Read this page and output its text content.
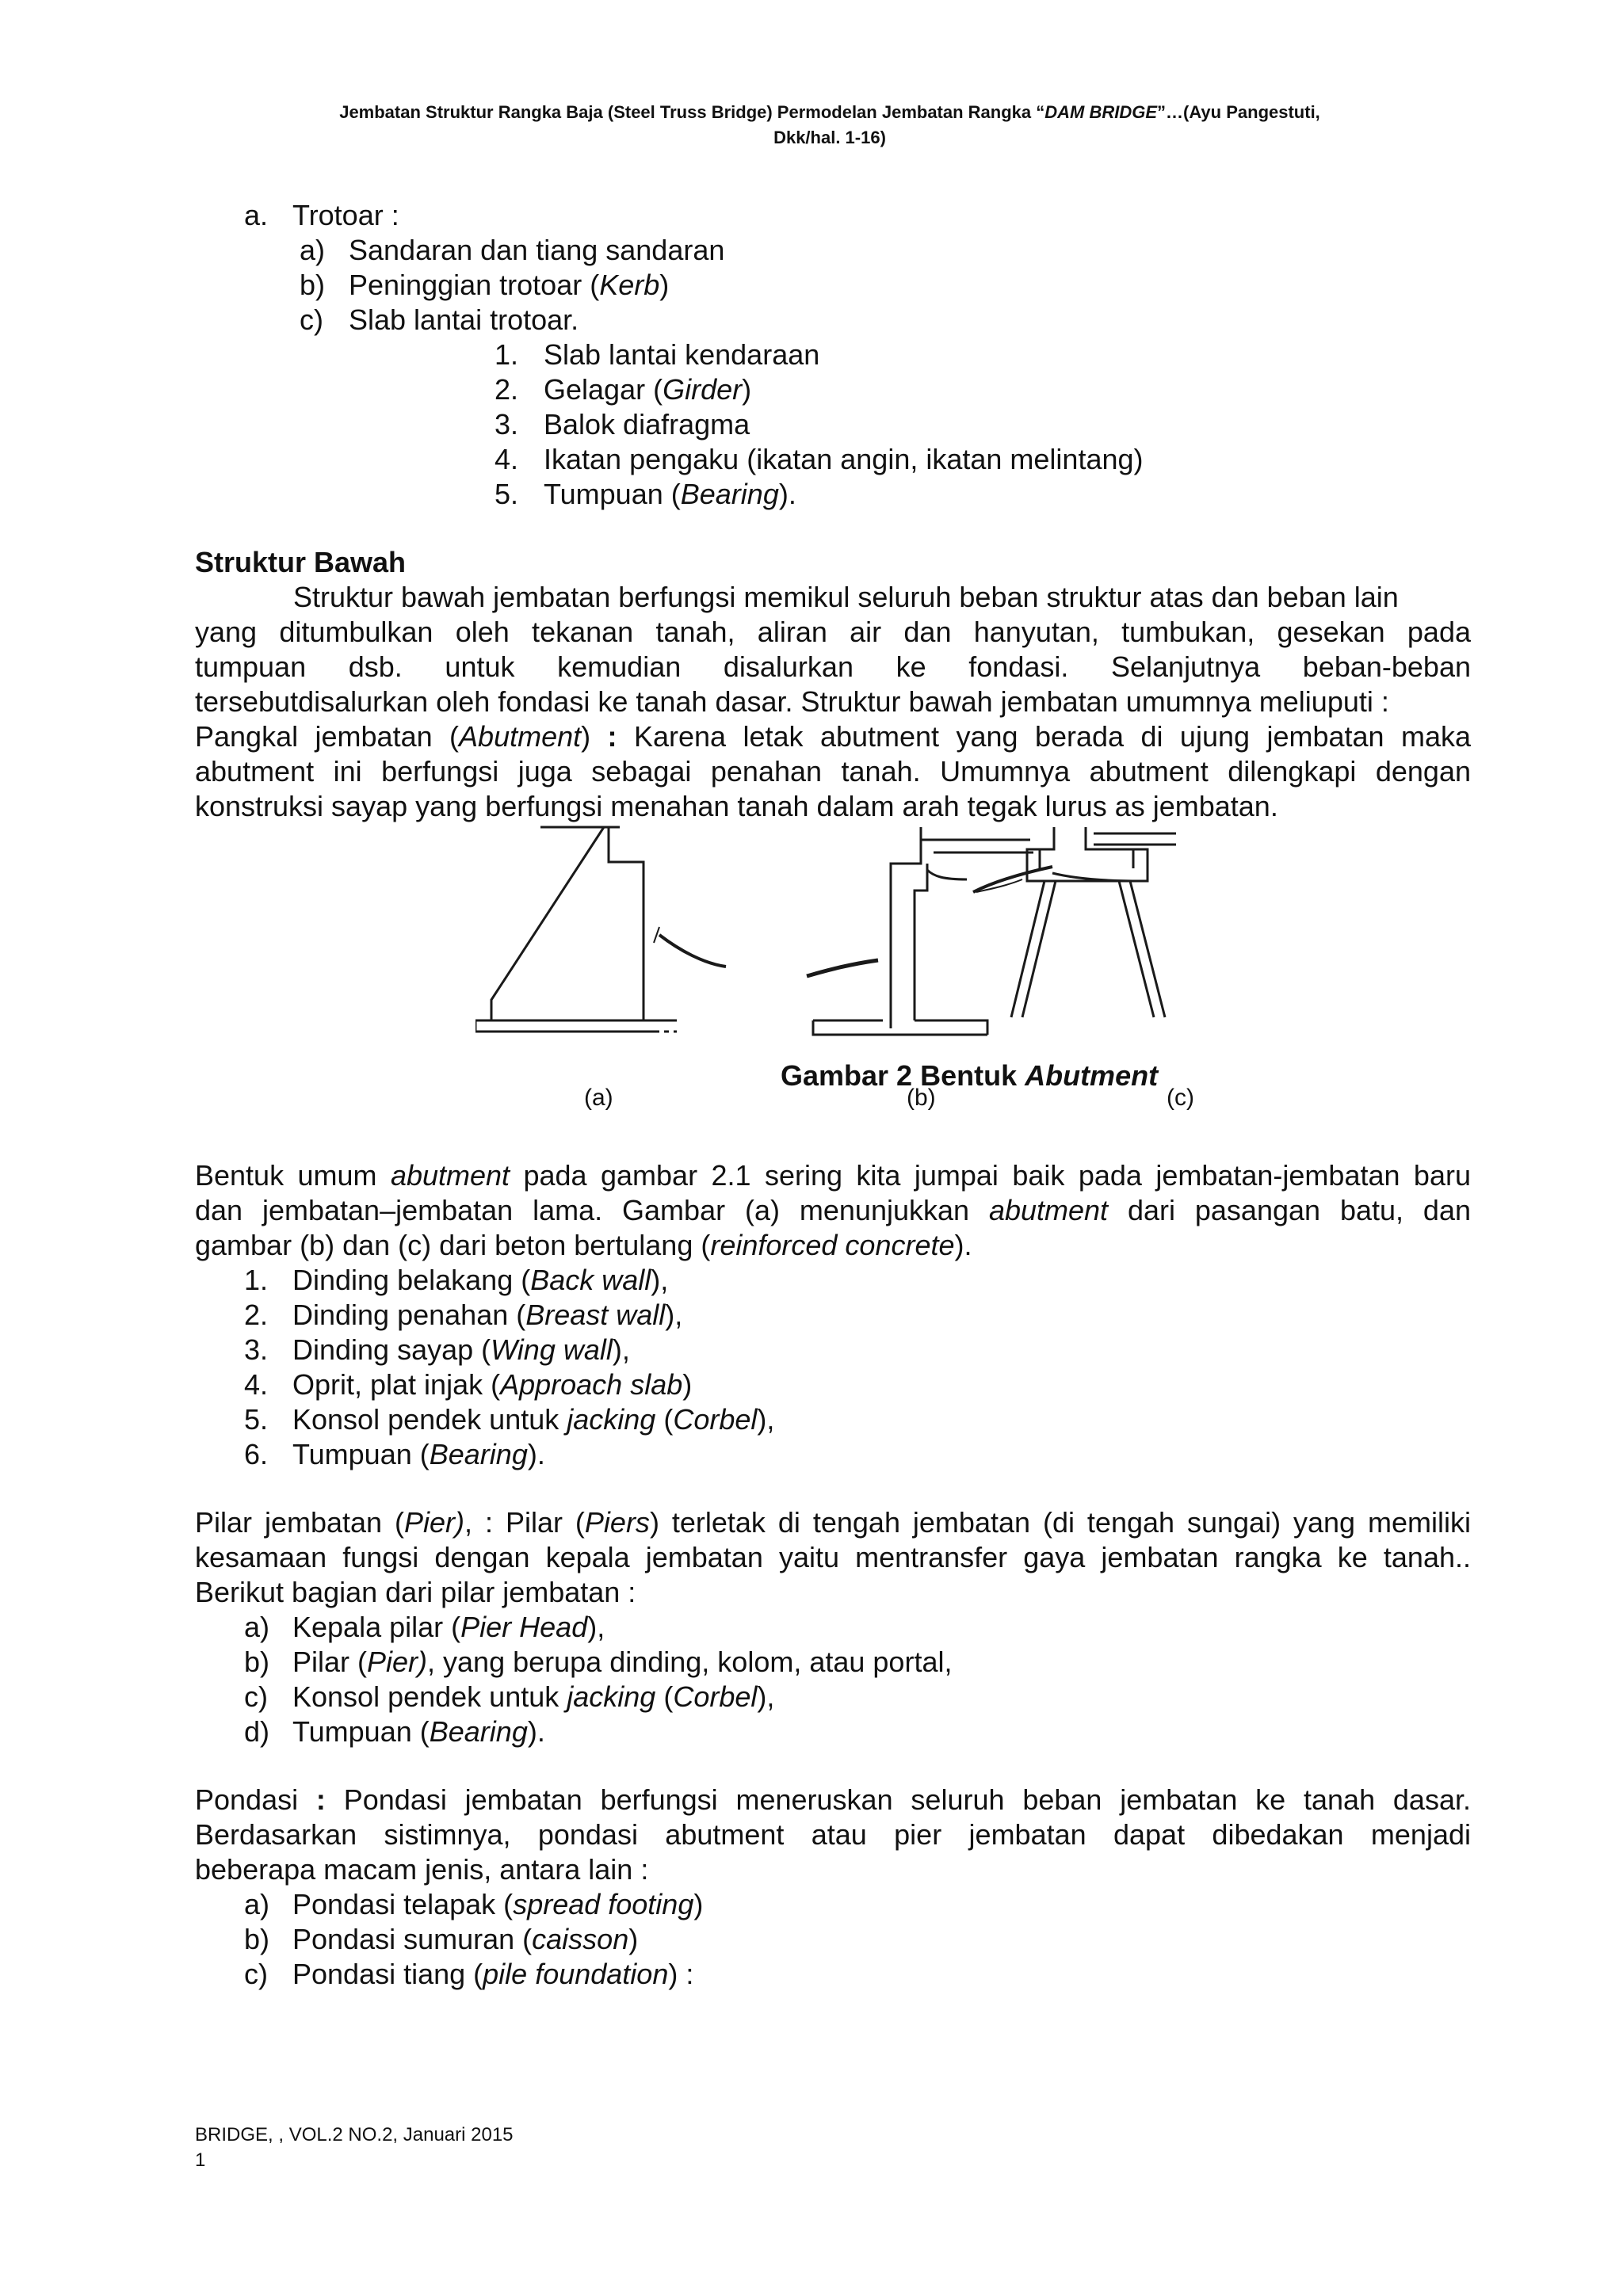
Jembatan Struktur Rangka Baja (Steel Truss Bridge) Permodelan Jembatan Rangka “DAM BRIDGE”…(Ayu Pangestuti,
Dkk/hal. 1-16)
a. Trotoar :
a) Sandaran dan tiang sandaran
b) Peninggian trotoar (Kerb)
c) Slab lantai trotoar.
1. Slab lantai kendaraan
2. Gelagar (Girder)
3. Balok diafragma
4. Ikatan pengaku (ikatan angin, ikatan melintang)
5. Tumpuan (Bearing).
Struktur Bawah
Struktur bawah jembatan berfungsi memikul seluruh beban struktur atas dan beban lain
yang ditumbulkan oleh tekanan tanah, aliran air dan hanyutan, tumbukan, gesekan pada
tumpuan dsb. untuk kemudian disalurkan ke fondasi. Selanjutnya beban-beban
tersebutdisalurkan oleh fondasi ke tanah dasar. Struktur bawah jembatan umumnya meliuputi :
Pangkal jembatan (Abutment) : Karena letak abutment yang berada di ujung jembatan maka
abutment ini berfungsi juga sebagai penahan tanah. Umumnya abutment dilengkapi dengan
konstruksi sayap yang berfungsi menahan tanah dalam arah tegak lurus as jembatan.
Gambar 2 Bentuk Abutment
(a)	(b)	(c)
Bentuk umum abutment pada gambar 2.1 sering kita jumpai baik pada jembatan-jembatan baru
dan jembatan–jembatan lama. Gambar (a) menunjukkan abutment dari pasangan batu, dan
gambar (b) dan (c) dari beton bertulang (reinforced concrete).
1. Dinding belakang (Back wall),
2. Dinding penahan (Breast wall),
3. Dinding sayap (Wing wall),
4. Oprit, plat injak (Approach slab)
5. Konsol pendek untuk jacking (Corbel),
6. Tumpuan (Bearing).
Pilar jembatan (Pier), : Pilar (Piers) terletak di tengah jembatan (di tengah sungai) yang memiliki
kesamaan fungsi dengan kepala jembatan yaitu mentransfer gaya jembatan rangka ke tanah..
Berikut bagian dari pilar jembatan :
a) Kepala pilar (Pier Head),
b) Pilar (Pier), yang berupa dinding, kolom, atau portal,
c) Konsol pendek untuk jacking (Corbel),
d) Tumpuan (Bearing).
Pondasi : Pondasi jembatan berfungsi meneruskan seluruh beban jembatan ke tanah dasar.
Berdasarkan sistimnya, pondasi abutment atau pier jembatan dapat dibedakan menjadi
beberapa macam jenis, antara lain :
a) Pondasi telapak (spread footing)
b) Pondasi sumuran (caisson)
c) Pondasi tiang (pile foundation) :
BRIDGE, , VOL.2 NO.2, Januari 2015
1
